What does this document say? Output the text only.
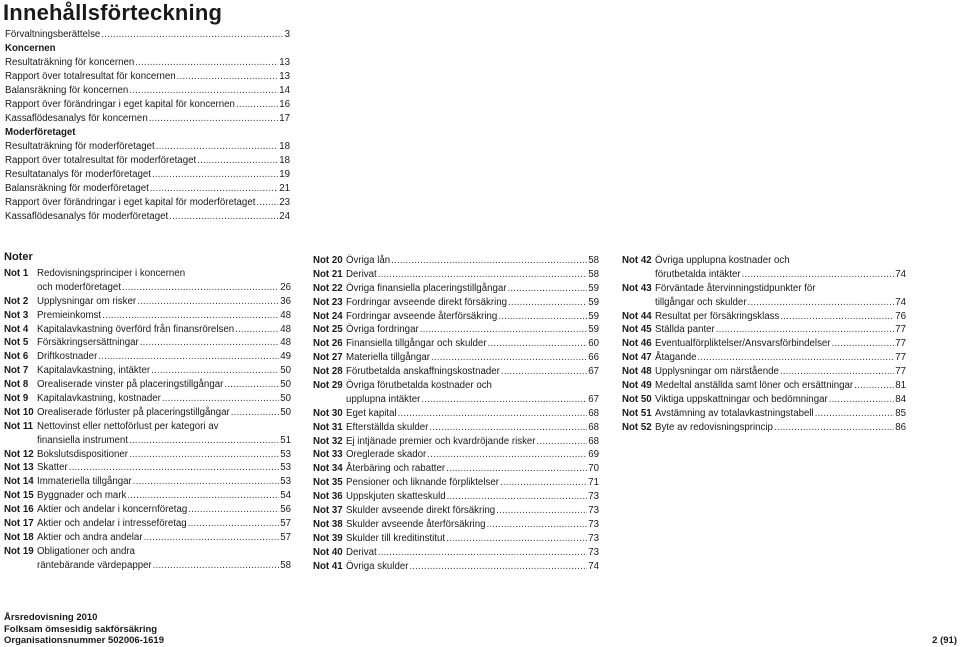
Innehållsförteckning
Förvaltningsberättelse .....	3
Koncernen
Resultaträkning för koncernen .....	13
Rapport över totalresultat för koncernen .....	13
Balansräkning för koncernen .....	14
Rapport över förändringar i eget kapital för koncernen .....	16
Kassaflödesanalys för koncernen .....	17
Moderföretaget
Resultaträkning för moderföretaget .....	18
Rapport över totalresultat för moderföretaget .....	18
Resultatanalys för moderföretaget .....	19
Balansräkning för moderföretaget .....	21
Rapport över förändringar i eget kapital för moderföretaget ..... 23
Kassaflödesanalys för moderföretaget .....	24
Noter
Not 1 Redovisningsprinciper i koncernen
och moderföretaget .....	26
Not 2 Upplysningar om risker .....	36
Not 3 Premieinkomst .....	48
Not 4 Kapitalavkastning överförd från finansrörelsen .....	48
Not 5 Försäkringsersättningar .....	48
Not 6 Driftkostnader .....	49
Not 7 Kapitalavkastning, intäkter .....	50
Not 8 Orealiserade vinster på placeringstillgångar .....	50
Not 9 Kapitalavkastning, kostnader .....	50
Not 10 Orealiserade förluster på placeringstillgångar .....	50
Not 11 Nettovinst eller nettoförlust per kategori av
finansiella instrument .....	51
Not 12 Bokslutsdispositioner .....	53
Not 13 Skatter .....	53
Not 14 Immateriella tillgångar .....	53
Not 15 Byggnader och mark .....	54
Not 16 Aktier och andelar i koncernföretag .....	56
Not 17 Aktier och andelar i intresseföretag .....	57
Not 18 Aktier och andra andelar .....	57
Not 19 Obligationer och andra
räntebärande värdepapper .....	58
Not 20 Övriga lån .....	58
Not 21 Derivat .....	58
Not 22 Övriga finansiella placeringstillgångar .....	59
Not 23 Fordringar avseende direkt försäkring .....	59
Not 24 Fordringar avseende återförsäkring .....	59
Not 25 Övriga fordringar .....	59
Not 26 Finansiella tillgångar och skulder .....	60
Not 27 Materiella tillgångar .....	66
Not 28 Förutbetalda anskaffningskostnader .....	67
Not 29 Övriga förutbetalda kostnader och
upplupna intäkter .....	67
Not 30 Eget kapital .....	68
Not 31 Efterställda skulder .....	68
Not 32 Ej intjänade premier och kvardröjande risker .....	68
Not 33 Oreglerade skador .....	69
Not 34 Återbäring och rabatter .....	70
Not 35 Pensioner och liknande förpliktelser .....	71
Not 36 Uppskjuten skatteskuld .....	73
Not 37 Skulder avseende direkt försäkring .....	73
Not 38 Skulder avseende återförsäkring .....	73
Not 39 Skulder till kreditinstitut .....	73
Not 40 Derivat .....	73
Not 41 Övriga skulder .....	74
Not 42 Övriga upplupna kostnader och
förutbetalda intäkter .....	74
Not 43 Förväntade återvinningstidpunkter för
tillgångar och skulder .....	74
Not 44 Resultat per försäkringsklass .....	76
Not 45 Ställda panter .....	77
Not 46 Eventualförpliktelser/Ansvarsförbindelser .....	77
Not 47 Åtagande .....	77
Not 48 Upplysningar om närstående .....	77
Not 49 Medeltal anställda samt löner och ersättningar .....	81
Not 50 Viktiga uppskattningar och bedömningar .....	84
Not 51 Avstämning av totalavkastningstabell .....	85
Not 52 Byte av redovisningsprincip .....	86
Årsredovisning 2010
Folksam ömsesidig sakförsäkring
Organisationsnummer 502006-1619	2 (91)
